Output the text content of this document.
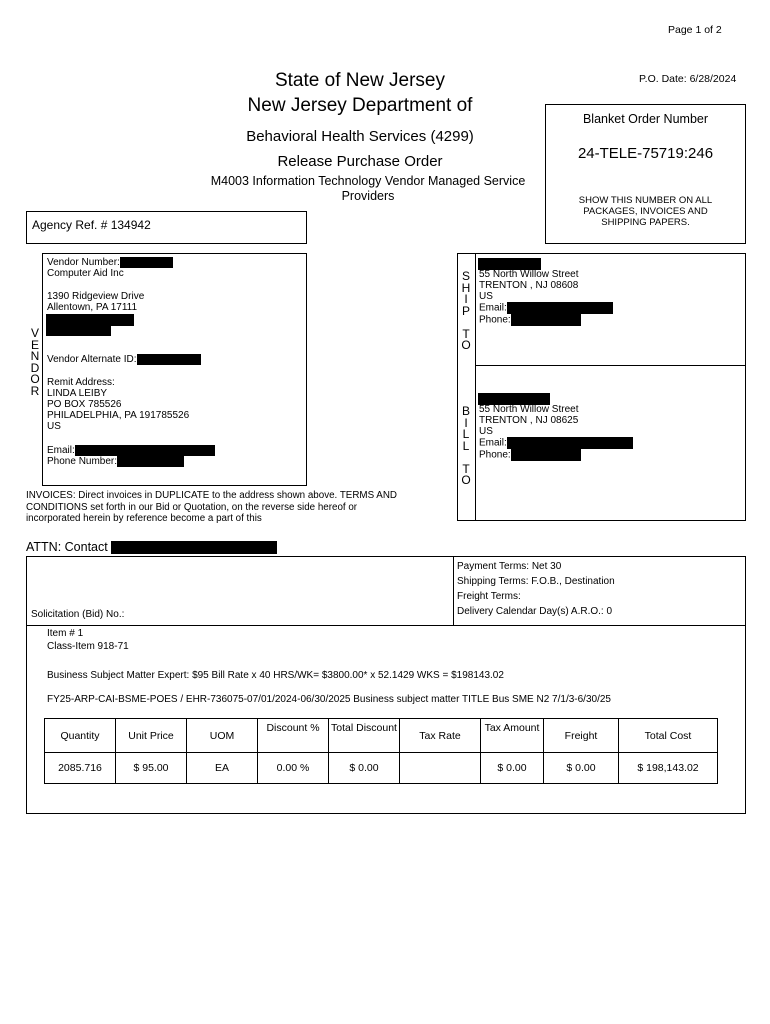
Page 1 of 2
P.O. Date: 6/28/2024
State of New Jersey
New Jersey Department of
Behavioral Health Services (4299)
Release Purchase Order
M4003 Information Technology Vendor Managed Service
Providers
Blanket Order Number
24-TELE-75719:246
SHOW THIS NUMBER ON ALL PACKAGES, INVOICES AND SHIPPING PAPERS.
Agency Ref. # 134942
V
E
N
D
O
R
Vendor Number:
Computer Aid Inc
1390 Ridgeview Drive
Allentown, PA 17111
Vendor Alternate ID:
Remit Address:
LINDA LEIBY
PO BOX 785526
PHILADELPHIA, PA 191785526
US
Email:
Phone Number:
S
H
I
P
T
O
55 North Willow Street
TRENTON , NJ 08608
US
Email:
Phone:
B
I
L
L
T
O
55 North Willow Street
TRENTON , NJ 08625
US
Email:
Phone:
INVOICES: Direct invoices in DUPLICATE to the address shown above. TERMS AND CONDITIONS set forth in our Bid or Quotation, on the reverse side hereof or incorporated herein by reference become a part of this
ATTN: Contact
Solicitation (Bid) No.:
Payment Terms: Net 30
Shipping Terms: F.O.B., Destination
Freight Terms:
Delivery Calendar Day(s) A.R.O.: 0
Item # 1
Class-Item 918-71
Business Subject Matter Expert: $95 Bill Rate x 40 HRS/WK= $3800.00* x 52.1429 WKS = $198143.02
FY25-ARP-CAI-BSME-POES / EHR-736075-07/01/2024-06/30/2025 Business subject matter TITLE Bus SME N2 7/1/3-6/30/25
Quantity	Unit Price	UOM	Discount %	Total Discount	Tax Rate	Tax Amount	Freight	Total Cost
2085.716	$ 95.00	EA	0.00 %	$ 0.00		$ 0.00	$ 0.00	$ 198,143.02
